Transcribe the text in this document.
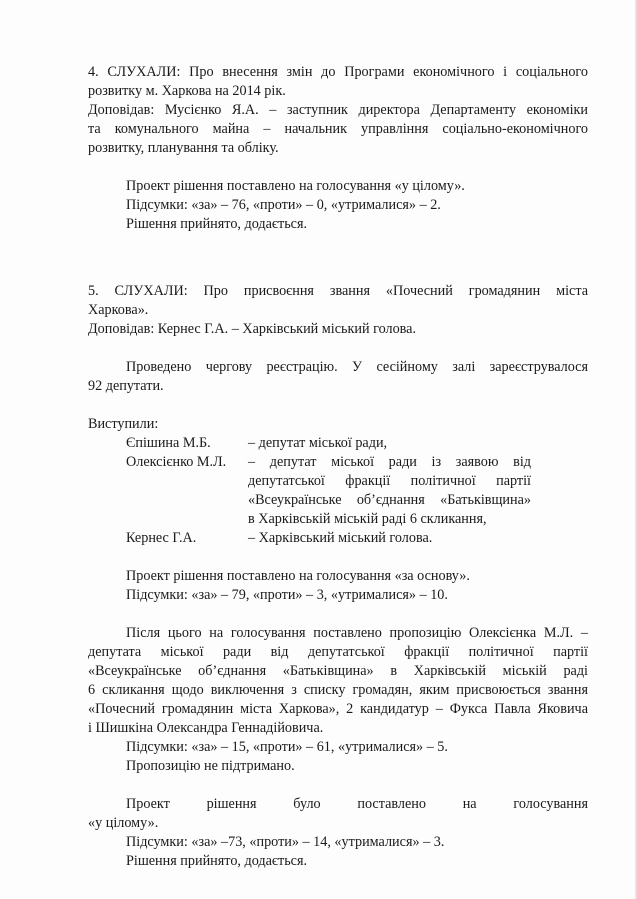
4. СЛУХАЛИ: Про внесення змін до Програми економічного і соціального

розвитку м. Харкова на 2014 рік.

Доповідав: Мусієнко Я.А. – заступник директора Департаменту економіки

та комунального майна – начальник управління соціально-економічного

розвитку, планування та обліку.

Проект рішення поставлено на голосування «у цілому».

Підсумки: «за» – 76, «проти» – 0, «утрималися» – 2.

Рішення прийнято, додається.

5. СЛУХАЛИ: Про присвоєння звання «Почесний громадянин міста

Харкова».

Доповідав: Кернес Г.А. – Харківський міський голова.

Проведено чергову реєстрацію. У сесійному залі зареєструвалося

92 депутати.

Виступили:

Єпішина М.Б.	– депутат міської ради,
Олексієнко М.Л.	– депутат міської ради із заявою від
депутатської фракції політичної партії
«Всеукраїнське об’єднання «Батьківщина»
в Харківській міській раді 6 скликання,
Кернес Г.А.	– Харківський міський голова.

Проект рішення поставлено на голосування «за основу».

Підсумки: «за» – 79, «проти» – 3, «утрималися» – 10.

Після цього на голосування поставлено пропозицію Олексієнка М.Л. –

депутата міської ради від депутатської фракції політичної партії

«Всеукраїнське об’єднання «Батьківщина» в Харківській міській раді

6 скликання щодо виключення з списку громадян, яким присвоюється звання

«Почесний громадянин міста Харкова», 2 кандидатур – Фукса Павла Яковича

і Шишкіна Олександра Геннадійовича.

Підсумки: «за» – 15, «проти» – 61, «утрималися» – 5.

Пропозицію не підтримано.

Проект рішення було поставлено на голосування

«у цілому».

Підсумки: «за» –73, «проти» – 14, «утрималися» – 3.

Рішення прийнято, додається.
